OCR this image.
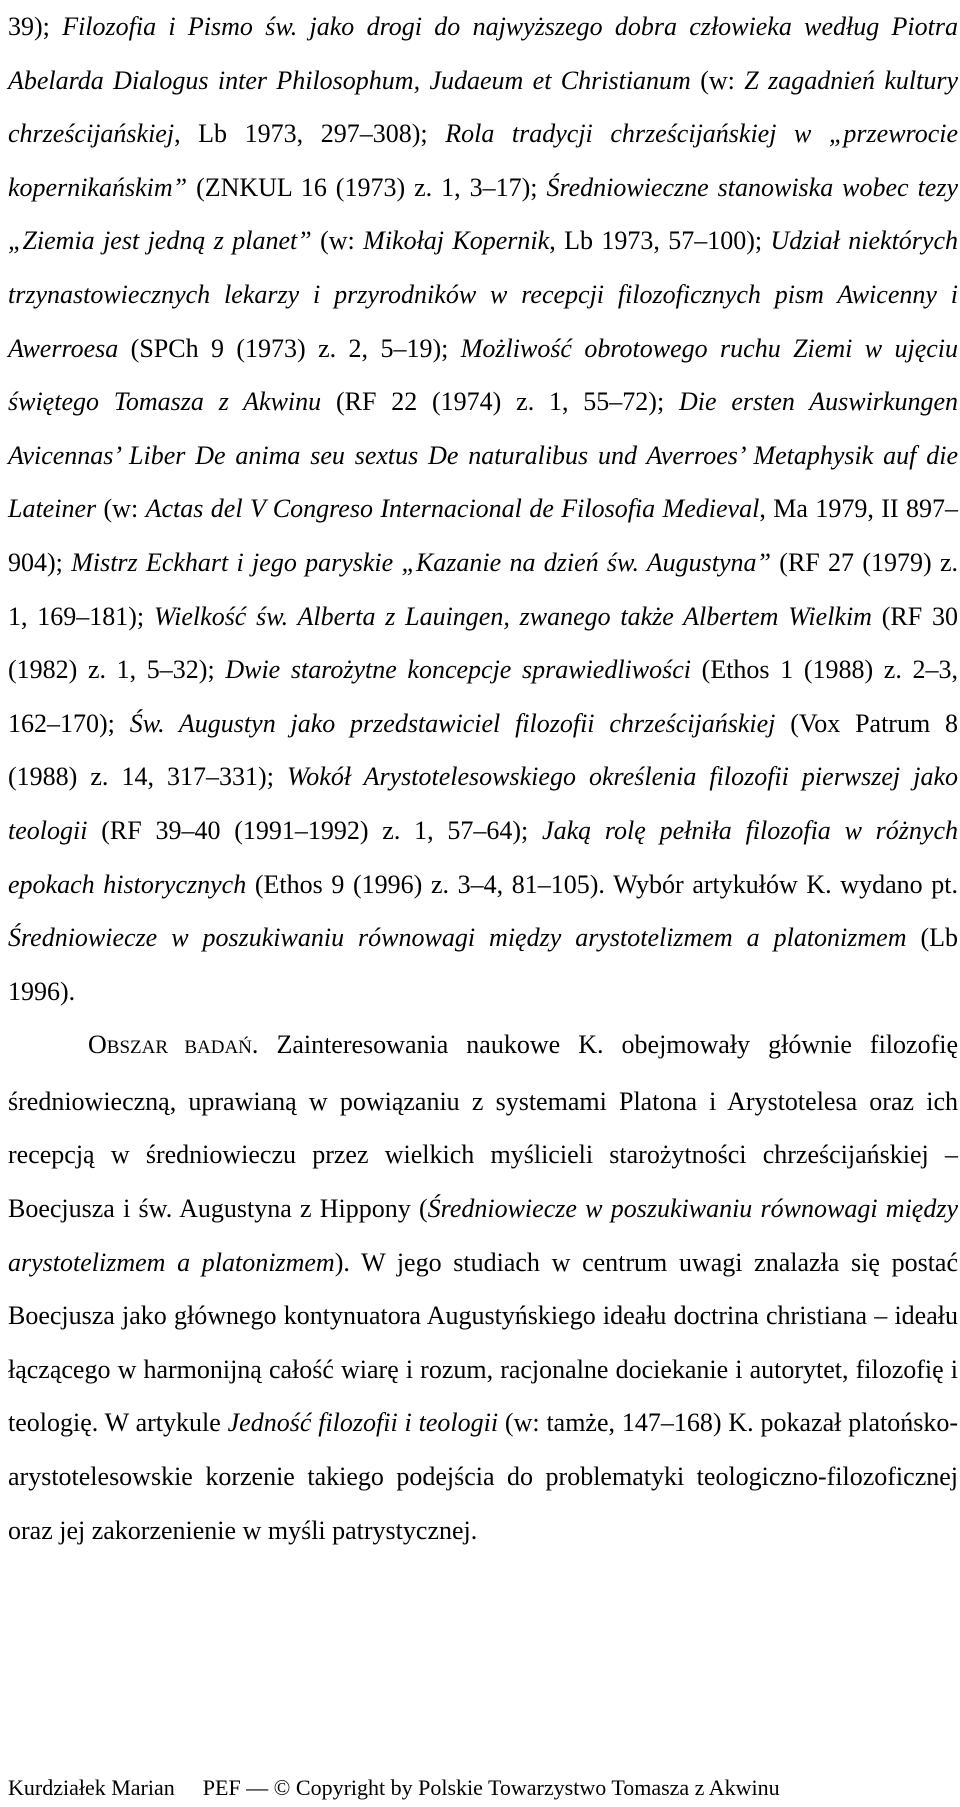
39); Filozofia i Pismo św. jako drogi do najwyższego dobra człowieka według Piotra Abelarda Dialogus inter Philosophum, Judaeum et Christianum (w: Z zagadnień kultury chrześcijańskiej, Lb 1973, 297–308); Rola tradycji chrześcijańskiej w „przewrocie kopernikańskim” (ZNKUL 16 (1973) z. 1, 3–17); Średniowieczne stanowiska wobec tezy „Ziemia jest jedną z planet” (w: Mikołaj Kopernik, Lb 1973, 57–100); Udział niektórych trzynastowiecznych lekarzy i przyrodników w recepcji filozoficznych pism Awicenny i Awerroesa (SPCh 9 (1973) z. 2, 5–19); Możliwość obrotowego ruchu Ziemi w ujęciu świętego Tomasza z Akwinu (RF 22 (1974) z. 1, 55–72); Die ersten Auswirkungen Avicennas’ Liber De anima seu sextus De naturalibus und Averroes’ Metaphysik auf die Lateiner (w: Actas del V Congreso Internacional de Filosofia Medieval, Ma 1979, II 897–904); Mistrz Eckhart i jego paryskie „Kazanie na dzień św. Augustyna” (RF 27 (1979) z. 1, 169–181); Wielkość św. Alberta z Lauingen, zwanego także Albertem Wielkim (RF 30 (1982) z. 1, 5–32); Dwie starożytne koncepcje sprawiedliwości (Ethos 1 (1988) z. 2–3, 162–170); Św. Augustyn jako przedstawiciel filozofii chrześcijańskiej (Vox Patrum 8 (1988) z. 14, 317–331); Wokół Arystotelesowskiego określenia filozofii pierwszej jako teologii (RF 39–40 (1991–1992) z. 1, 57–64); Jaką rolę pełniła filozofia w różnych epokach historycznych (Ethos 9 (1996) z. 3–4, 81–105). Wybór artykułów K. wydano pt. Średniowiecze w poszukiwaniu równowagi między arystotelizmem a platonizmem (Lb 1996).

OBSZAR BADAŃ. Zainteresowania naukowe K. obejmowały głównie filozofię średniowieczną, uprawianą w powiązaniu z systemami Platona i Arystotelesa oraz ich recepcją w średniowieczu przez wielkich myślicieli starożytności chrześcijańskiej – Boecjusza i św. Augustyna z Hippony (Średniowiecze w poszukiwaniu równowagi między arystotelizmem a platonizmem). W jego studiach w centrum uwagi znalazła się postać Boecjusza jako głównego kontynuatora Augustyńskiego ideału doctrina christiana – ideału łączącego w harmonijną całość wiarę i rozum, racjonalne dociekanie i autorytet, filozofię i teologię. W artykule Jedność filozofii i teologii (w: tamże, 147–168) K. pokazał platońsko-arystotelesowskie korzenie takiego podejścia do problematyki teologiczno-filozoficznej oraz jej zakorzenienie w myśli patrystycznej.

Kurdziałek Marian PEF — © Copyright by Polskie Towarzystwo Tomasza z Akwinu
